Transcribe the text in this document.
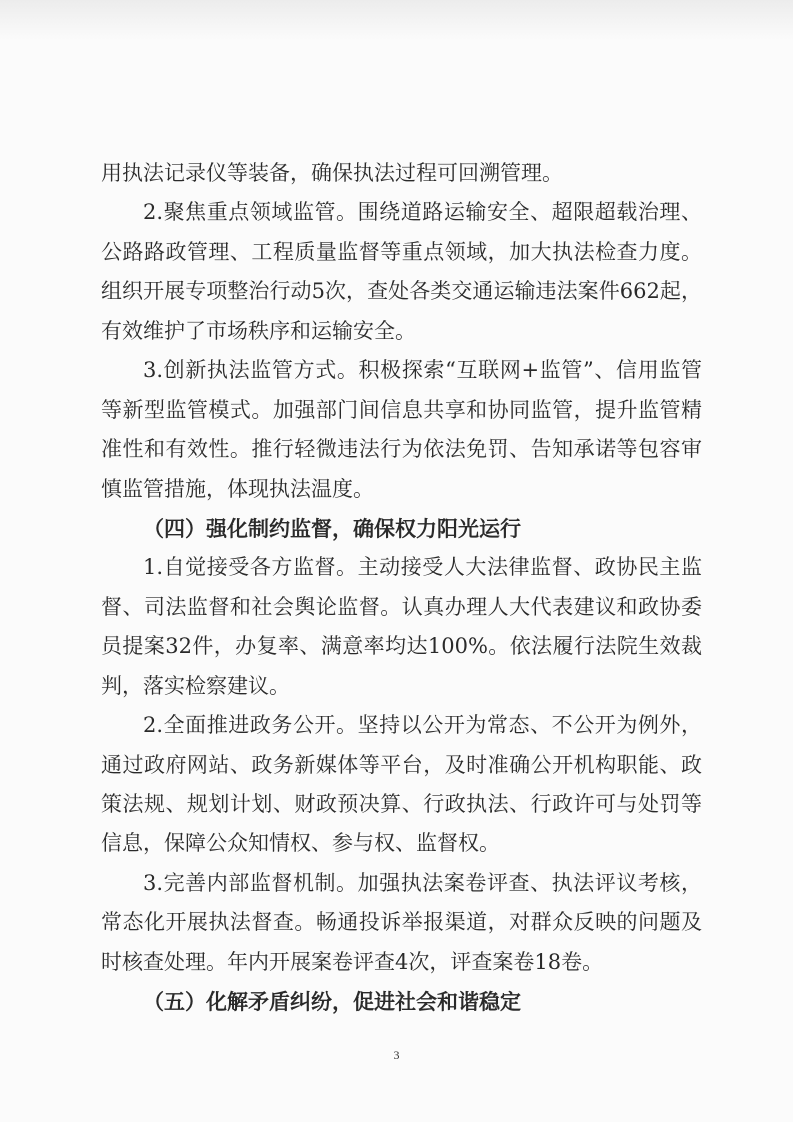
用执法记录仪等装备，确保执法过程可回溯管理。
2.聚焦重点领域监管。围绕道路运输安全、超限超载治理、
公路路政管理、工程质量监督等重点领域，加大执法检查力度。
组织开展专项整治行动5次，查处各类交通运输违法案件662起，
有效维护了市场秩序和运输安全。
3.创新执法监管方式。积极探索“互联网+监管”、信用监管
等新型监管模式。加强部门间信息共享和协同监管，提升监管精
准性和有效性。推行轻微违法行为依法免罚、告知承诺等包容审
慎监管措施，体现执法温度。
（四）强化制约监督，确保权力阳光运行
1.自觉接受各方监督。主动接受人大法律监督、政协民主监
督、司法监督和社会舆论监督。认真办理人大代表建议和政协委
员提案32件，办复率、满意率均达100%。依法履行法院生效裁
判，落实检察建议。
2.全面推进政务公开。坚持以公开为常态、不公开为例外，
通过政府网站、政务新媒体等平台，及时准确公开机构职能、政
策法规、规划计划、财政预决算、行政执法、行政许可与处罚等
信息，保障公众知情权、参与权、监督权。
3.完善内部监督机制。加强执法案卷评查、执法评议考核，
常态化开展执法督查。畅通投诉举报渠道，对群众反映的问题及
时核查处理。年内开展案卷评查4次，评查案卷18卷。
（五）化解矛盾纠纷，促进社会和谐稳定
3
